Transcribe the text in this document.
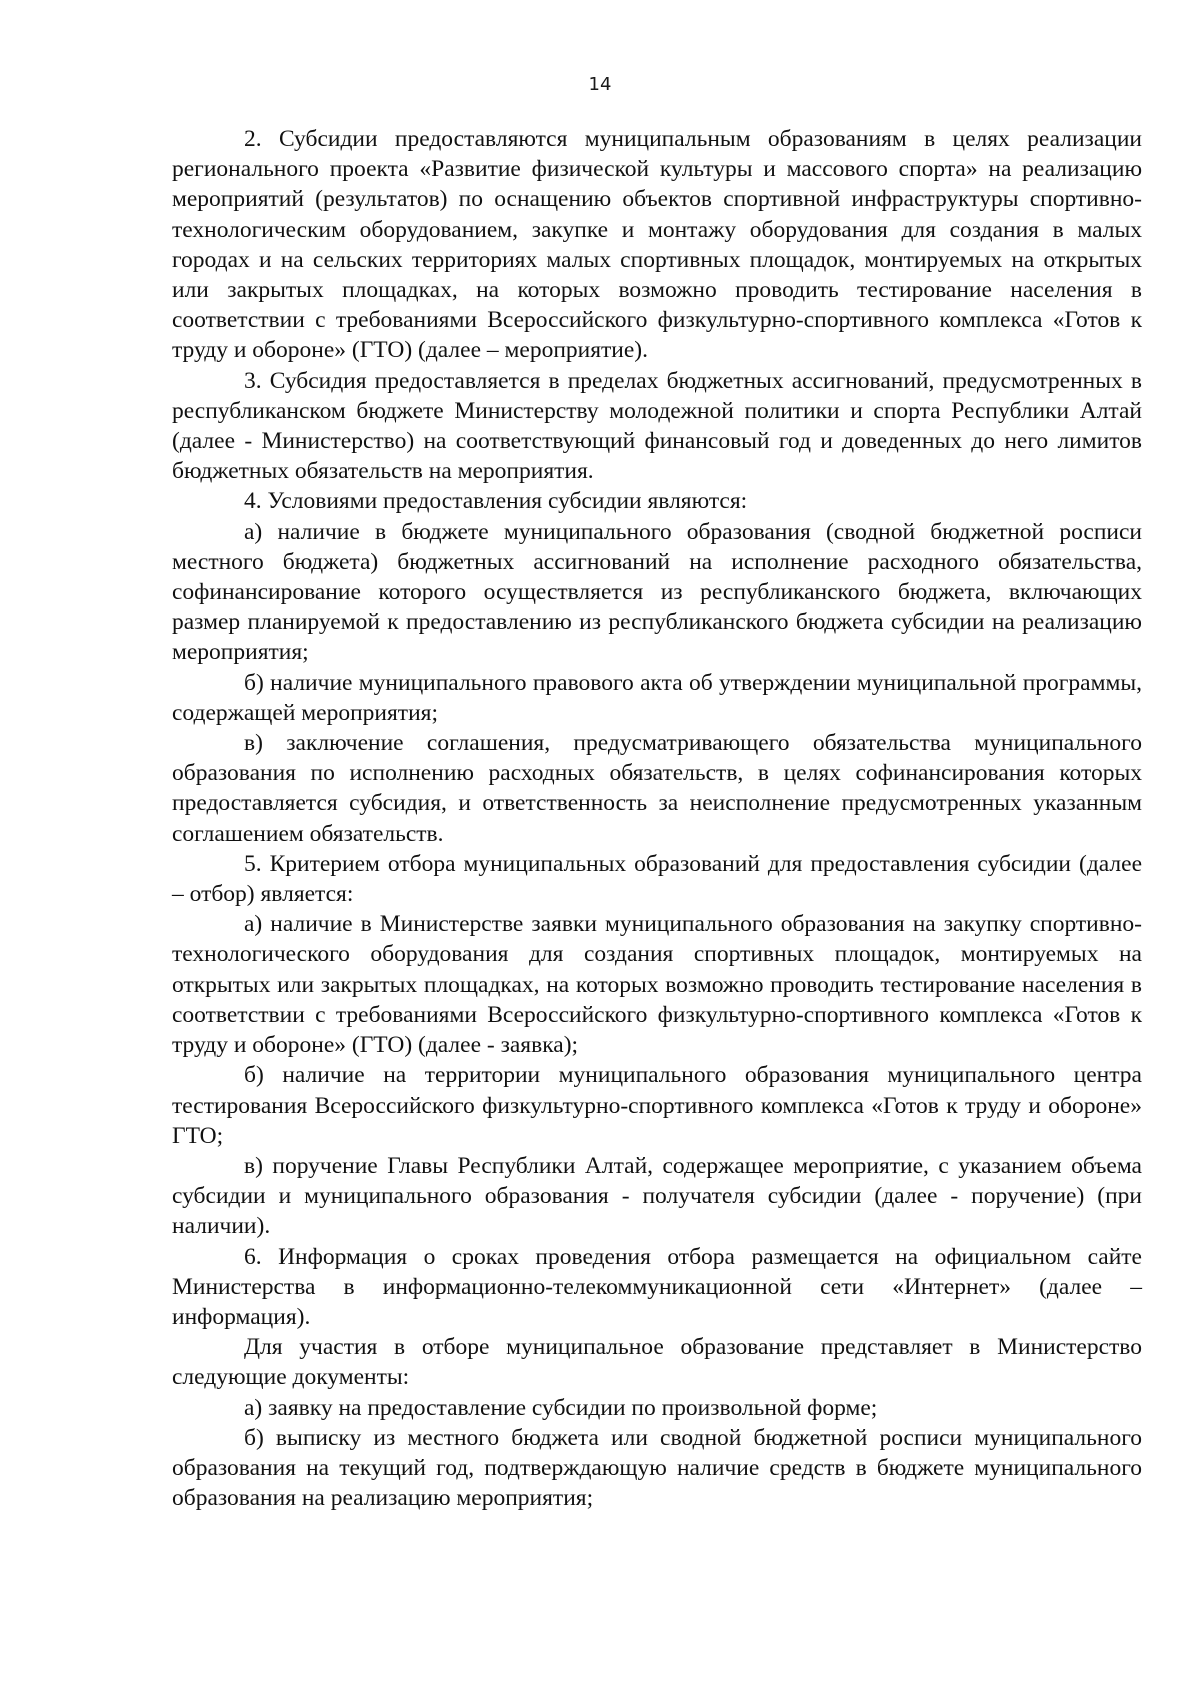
14

2. Субсидии предоставляются муниципальным образованиям в целях реализации регионального проекта «Развитие физической культуры и массового спорта» на реализацию мероприятий (результатов) по оснащению объектов спортивной инфраструктуры спортивно-технологическим оборудованием, закупке и монтажу оборудования для создания в малых городах и на сельских территориях малых спортивных площадок, монтируемых на открытых или закрытых площадках, на которых возможно проводить тестирование населения в соответствии с требованиями Всероссийского физкультурно-спортивного комплекса «Готов к труду и обороне» (ГТО) (далее – мероприятие).

3. Субсидия предоставляется в пределах бюджетных ассигнований, предусмотренных в республиканском бюджете Министерству молодежной политики и спорта Республики Алтай (далее - Министерство) на соответствующий финансовый год и доведенных до него лимитов бюджетных обязательств на мероприятия.

4. Условиями предоставления субсидии являются:

а) наличие в бюджете муниципального образования (сводной бюджетной росписи местного бюджета) бюджетных ассигнований на исполнение расходного обязательства, софинансирование которого осуществляется из республиканского бюджета, включающих размер планируемой к предоставлению из республиканского бюджета субсидии на реализацию мероприятия;

б) наличие муниципального правового акта об утверждении муниципальной программы, содержащей мероприятия;

в) заключение соглашения, предусматривающего обязательства муниципального образования по исполнению расходных обязательств, в целях софинансирования которых предоставляется субсидия, и ответственность за неисполнение предусмотренных указанным соглашением обязательств.

5. Критерием отбора муниципальных образований для предоставления субсидии (далее – отбор) является:

а) наличие в Министерстве заявки муниципального образования на закупку спортивно-технологического оборудования для создания спортивных площадок, монтируемых на открытых или закрытых площадках, на которых возможно проводить тестирование населения в соответствии с требованиями Всероссийского физкультурно-спортивного комплекса «Готов к труду и обороне» (ГТО) (далее - заявка);

б) наличие на территории муниципального образования муниципального центра тестирования Всероссийского физкультурно-спортивного комплекса «Готов к труду и обороне» ГТО;

в) поручение Главы Республики Алтай, содержащее мероприятие, с указанием объема субсидии и муниципального образования - получателя субсидии (далее - поручение) (при наличии).

6. Информация о сроках проведения отбора размещается на официальном сайте Министерства в информационно-телекоммуникационной сети «Интернет» (далее – информация).

Для участия в отборе муниципальное образование представляет в Министерство следующие документы:

а) заявку на предоставление субсидии по произвольной форме;

б) выписку из местного бюджета или сводной бюджетной росписи муниципального образования на текущий год, подтверждающую наличие средств в бюджете муниципального образования на реализацию мероприятия;
